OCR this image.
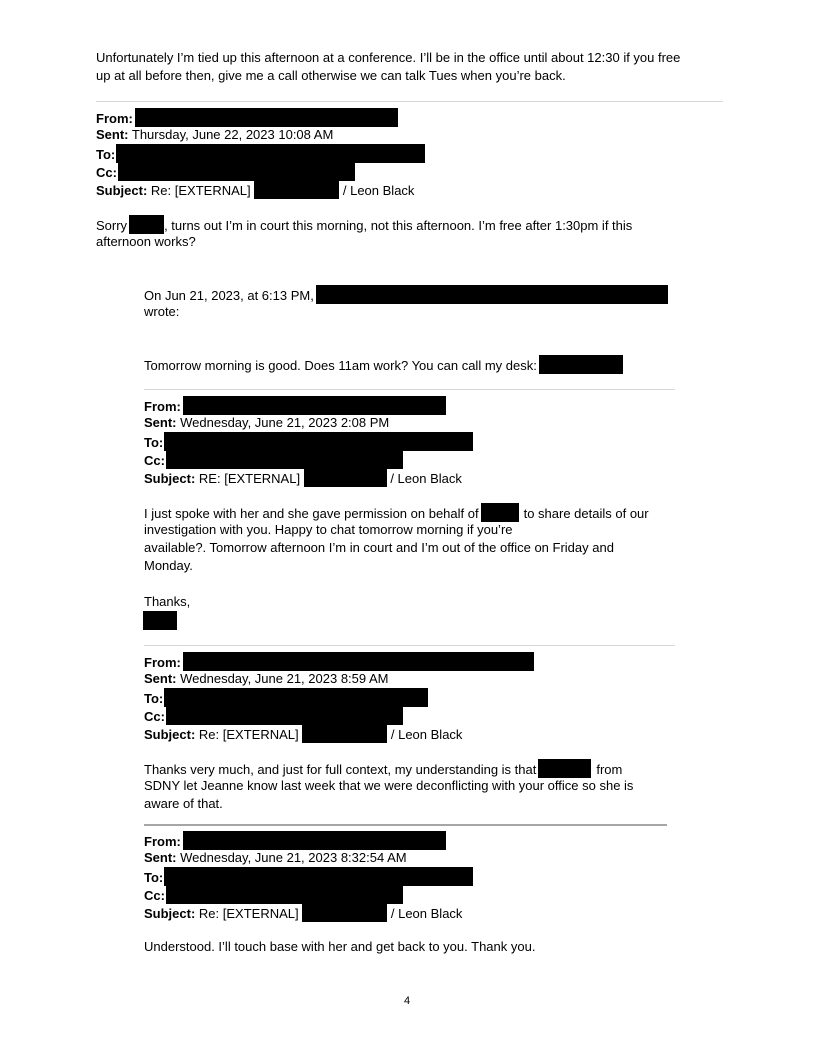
Unfortunately I’m tied up this afternoon at a conference. I’ll be in the office until about 12:30 if you free
up at all before then, give me a call otherwise we can talk Tues when you’re back.
From:
Sent: Thursday, June 22, 2023 10:08 AM
To:
Cc:
Subject: Re: [EXTERNAL]	/ Leon Black
Sorry	, turns out I’m in court this morning, not this afternoon. I’m free after 1:30pm if this
afternoon works?
On Jun 21, 2023, at 6:13 PM,
wrote:
Tomorrow morning is good. Does 11am work? You can call my desk:
From:
Sent: Wednesday, June 21, 2023 2:08 PM
To:
Cc:
Subject: RE: [EXTERNAL]	/ Leon Black
I just spoke with her and she gave permission on behalf of	to share details of our
investigation with you. Happy to chat tomorrow morning if you’re
available?. Tomorrow afternoon I’m in court and I’m out of the office on Friday and
Monday.
Thanks,
From:
Sent: Wednesday, June 21, 2023 8:59 AM
To:
Cc:
Subject: Re: [EXTERNAL]	/ Leon Black
Thanks very much, and just for full context, my understanding is that	from
SDNY let Jeanne know last week that we were deconflicting with your office so she is
aware of that.
From:
Sent: Wednesday, June 21, 2023 8:32:54 AM
To:
Cc:
Subject: Re: [EXTERNAL]	/ Leon Black
Understood. I’ll touch base with her and get back to you. Thank you.
4
